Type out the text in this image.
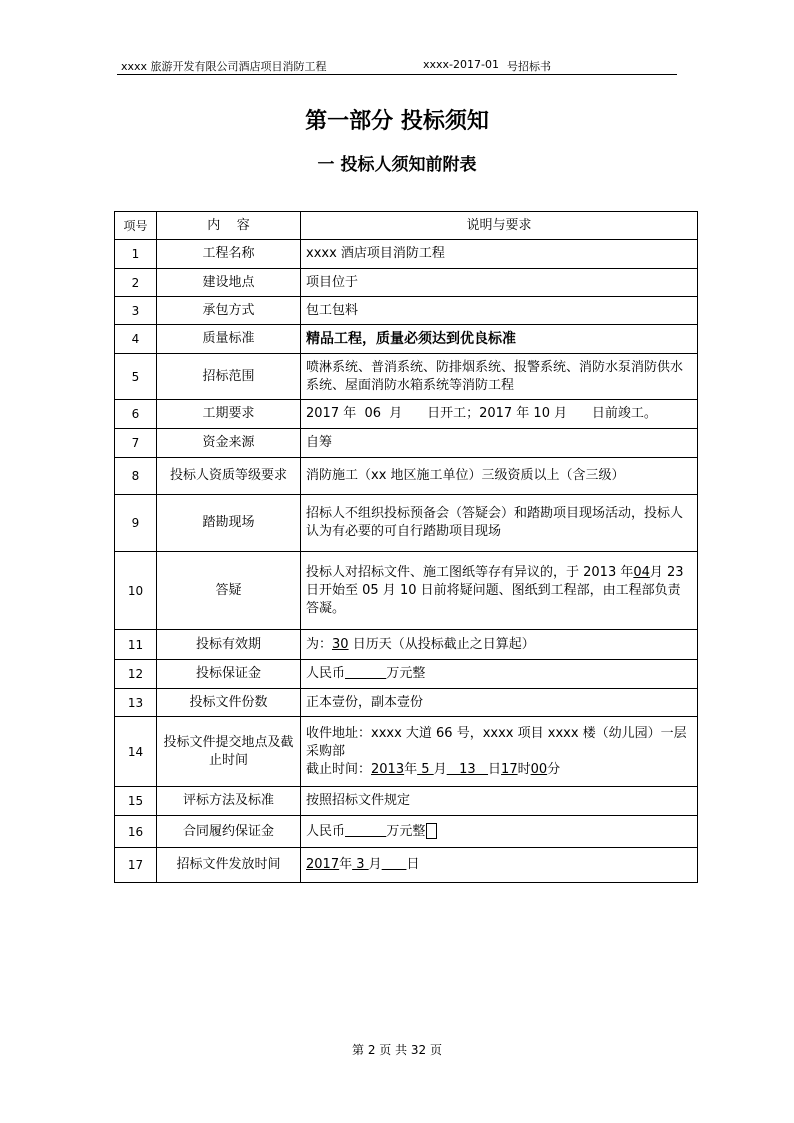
xxxx 旅游开发有限公司酒店项目消防工程	xxxx-2017-01 号招标书
第一部分 投标须知
一 投标人须知前附表
项号	内    容	说明与要求
1	工程名称	xxxx 酒店项目消防工程
2	建设地点	项目位于
3	承包方式	包工包料
4	质量标准	精品工程，质量必须达到优良标准
5	招标范围	喷淋系统、普消系统、防排烟系统、报警系统、消防水泵消防供水系统、屋面消防水箱系统等消防工程
6	工期要求	2017 年  06  月      日开工；2017 年 10 月      日前竣工。
7	资金来源	自筹
8	投标人资质等级要求	消防施工（xx 地区施工单位）三级资质以上（含三级）
9	踏勘现场	招标人不组织投标预备会（答疑会）和踏勘项目现场活动，投标人认为有必要的可自行踏勘项目现场
10	答疑	投标人对招标文件、施工图纸等存有异议的，于 2013 年04月 23 日开始至 05 月 10 日前将疑问题、图纸到工程部，由工程部负责答凝。
11	投标有效期	为：30 日历天（从投标截止之日算起）
12	投标保证金	人民币 万元整
13	投标文件份数	正本壹份，副本壹份
14	投标文件提交地点及截止时间	收件地址：xxxx 大道 66 号，xxxx 项目 xxxx 楼（幼儿园）一层采购部
截止时间：2013年 5 月   13   日17时00分

15	评标方法及标准	按照招标文件规定
16	合同履约保证金	人民币 万元整
17	招标文件发放时间	2017年 3 月 日
第 2 页 共 32 页
